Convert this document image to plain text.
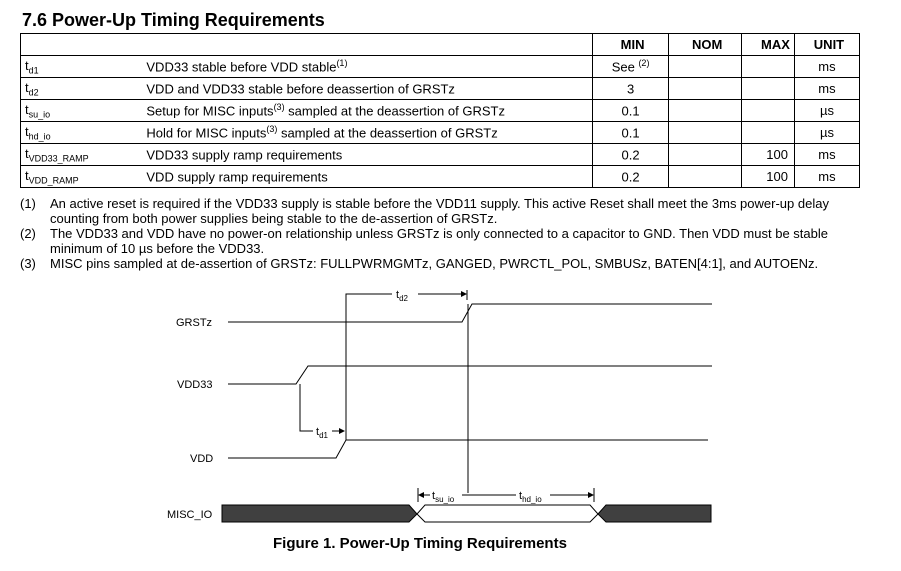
7.6 Power-Up Timing Requirements
		MIN	NOM	MAX	UNIT
$t_{d1}$	VDD33 stable before VDD stable$^{(1)}$	See $^{(2)}$			ms
$t_{d2}$	VDD and VDD33 stable before deassertion of GRSTz	3			ms
$t_{su\_io}$	Setup for MISC inputs$^{(3)}$ sampled at the deassertion of GRSTz	0.1			µs
$t_{hd\_io}$	Hold for MISC inputs$^{(3)}$ sampled at the deassertion of GRSTz	0.1			µs
$t_{VDD33\_RAMP}$	VDD33 supply ramp requirements	0.2		100	ms
$t_{VDD\_RAMP}$	VDD supply ramp requirements	0.2		100	ms
(1) An active reset is required if the VDD33 supply is stable before the VDD11 supply. This active Reset shall meet the 3ms power-up delay counting from both power supplies being stable to the de-assertion of GRSTz.
(2) The VDD33 and VDD have no power-on relationship unless GRSTz is only connected to a capacitor to GND. Then VDD must be stable minimum of 10 µs before the VDD33.
(3) MISC pins sampled at de-assertion of GRSTz: FULLPWRMGMTz, GANGED, PWRCTL_POL, SMBUSz, BATEN[4:1], and AUTOENz.
GRSTz
VDD33
VDD
MISC_IO
$t_{d2}$
$t_{d1}$
$t_{su\_io}$	$t_{hd\_io}$
Figure 1. Power-Up Timing Requirements
